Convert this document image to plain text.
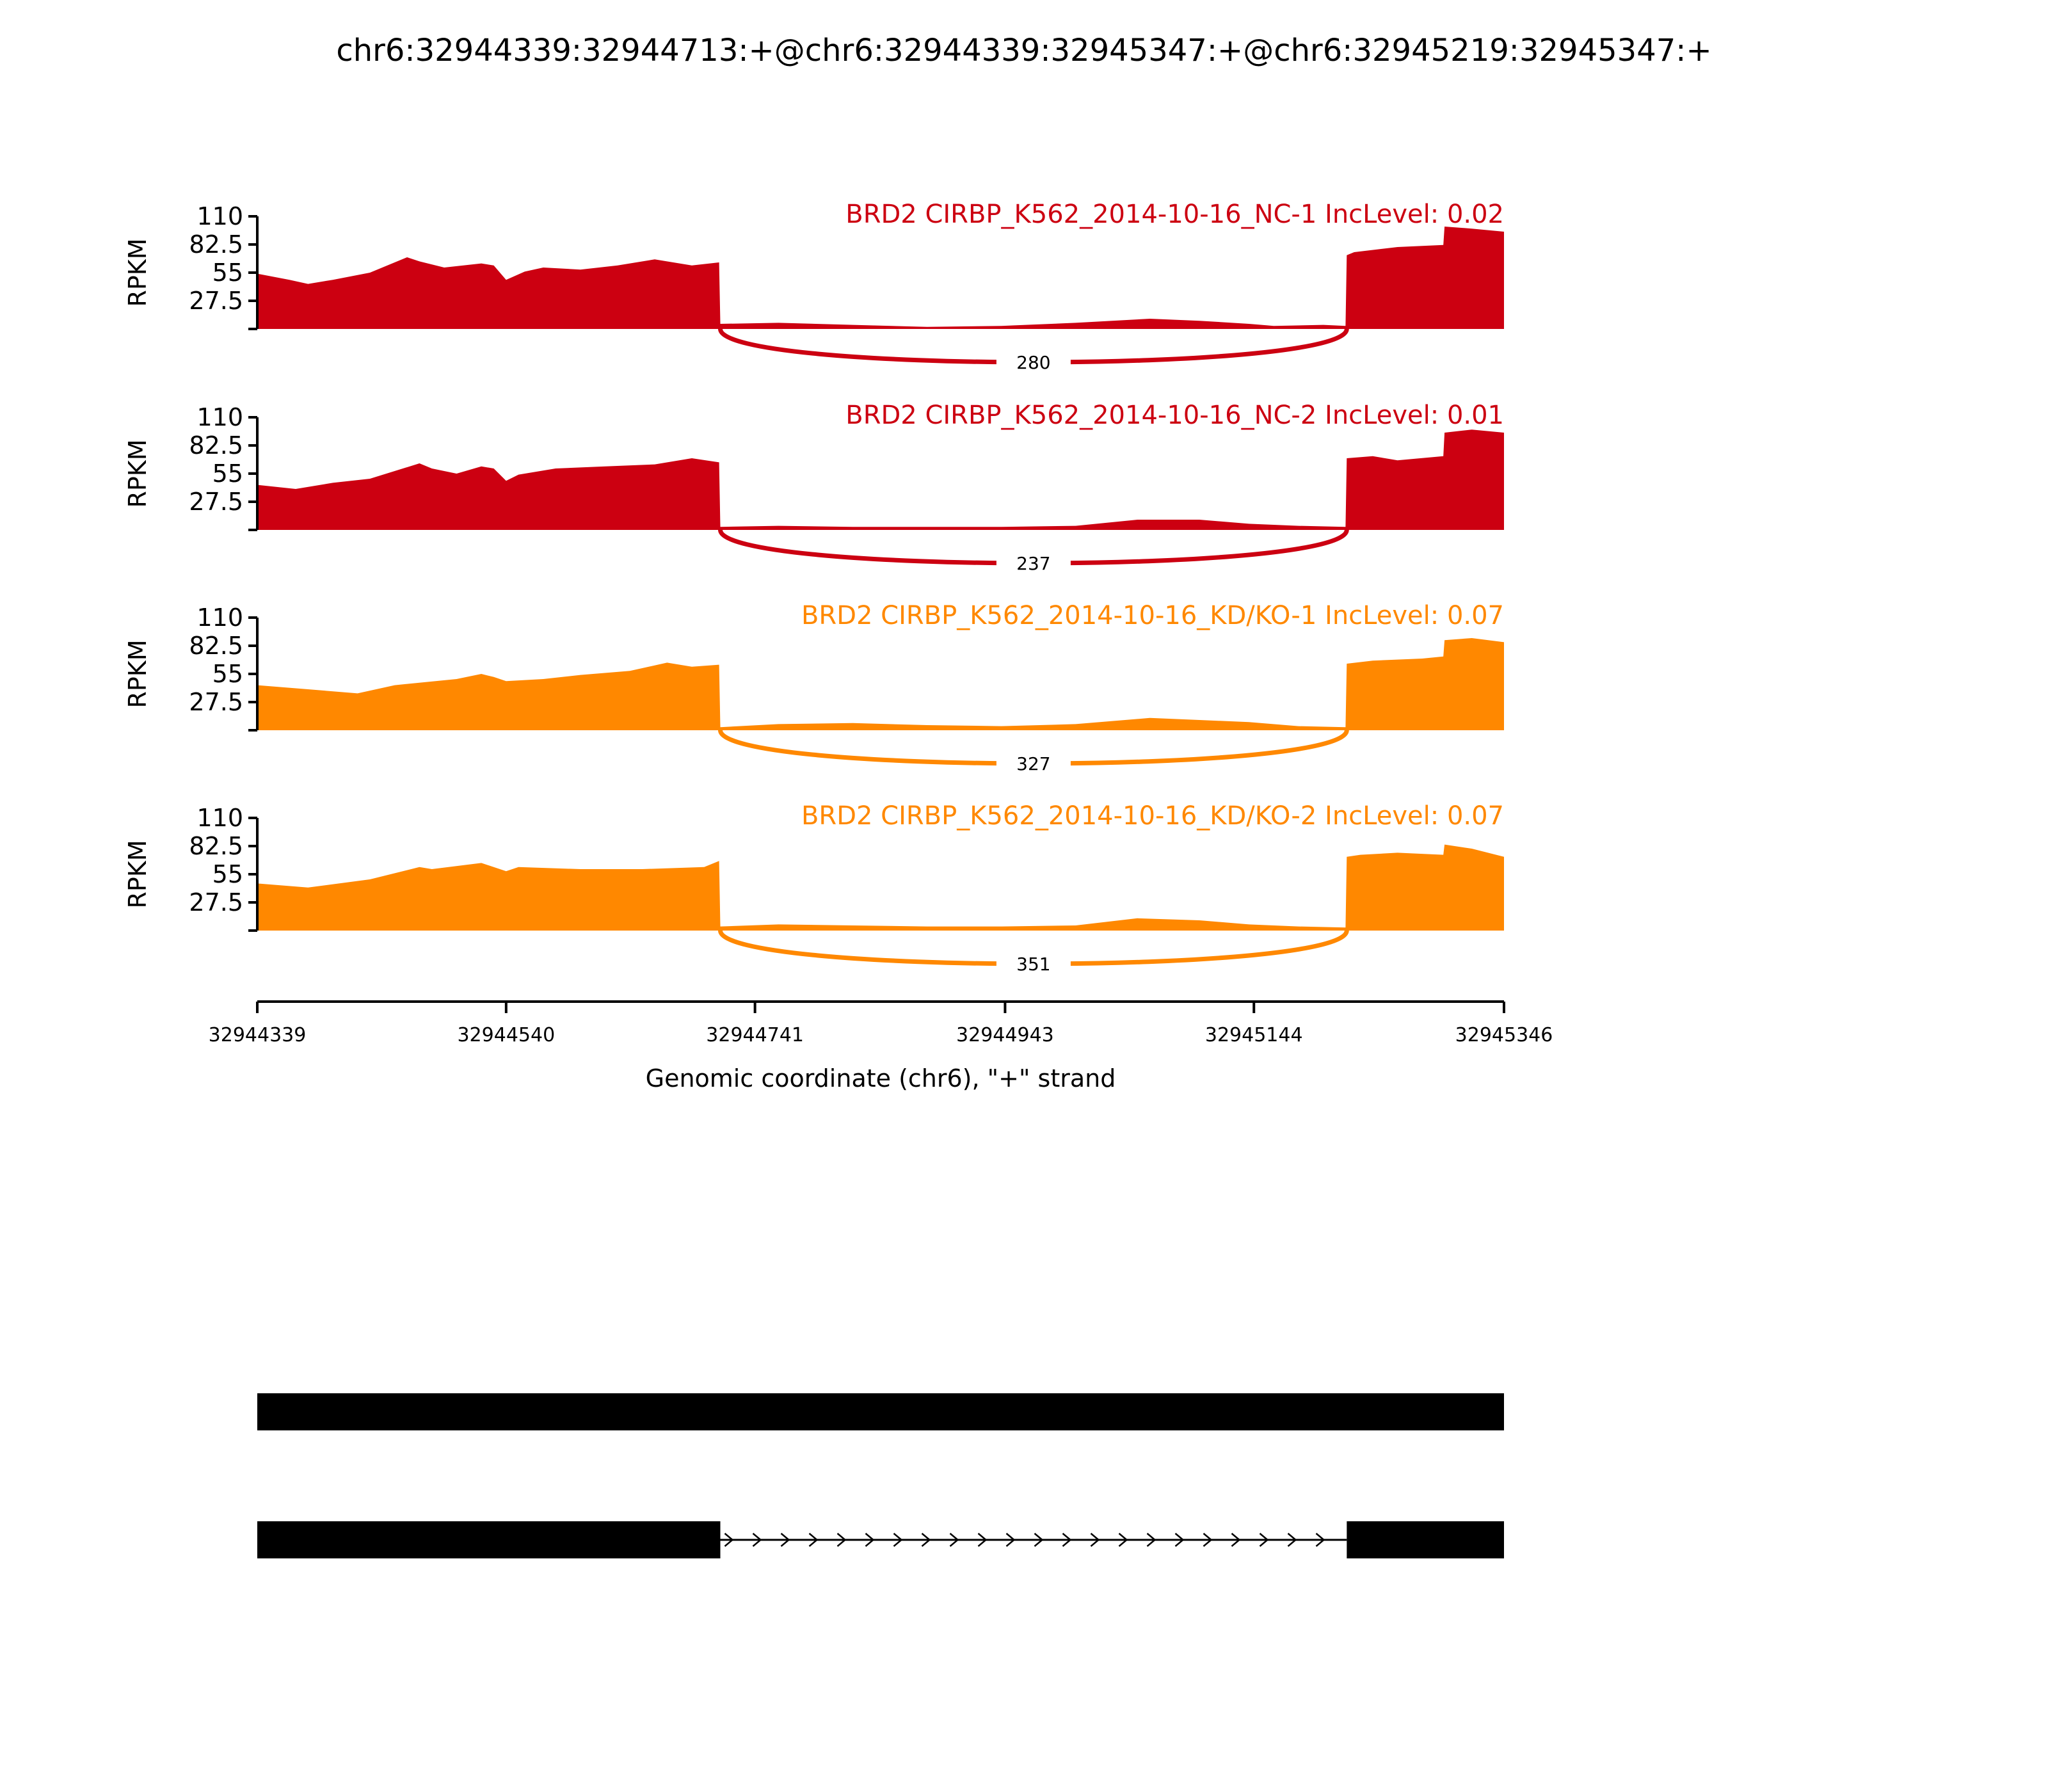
chr6:32944339:32944713:+@chr6:32944339:32945347:+@chr6:32945219:32945347:+
27.5
55
82.5
110
RPKM
BRD2 CIRBP_K562_2014-10-16_NC-1 IncLevel: 0.02
280
27.5
55
82.5
110
RPKM
BRD2 CIRBP_K562_2014-10-16_NC-2 IncLevel: 0.01
237
27.5
55
82.5
110
RPKM
BRD2 CIRBP_K562_2014-10-16_KD/KO-1 IncLevel: 0.07
327
27.5
55
82.5
110
RPKM
BRD2 CIRBP_K562_2014-10-16_KD/KO-2 IncLevel: 0.07
351
32944339	32944540	32944741	32944943	32945144	32945346
Genomic coordinate (chr6), "+" strand
